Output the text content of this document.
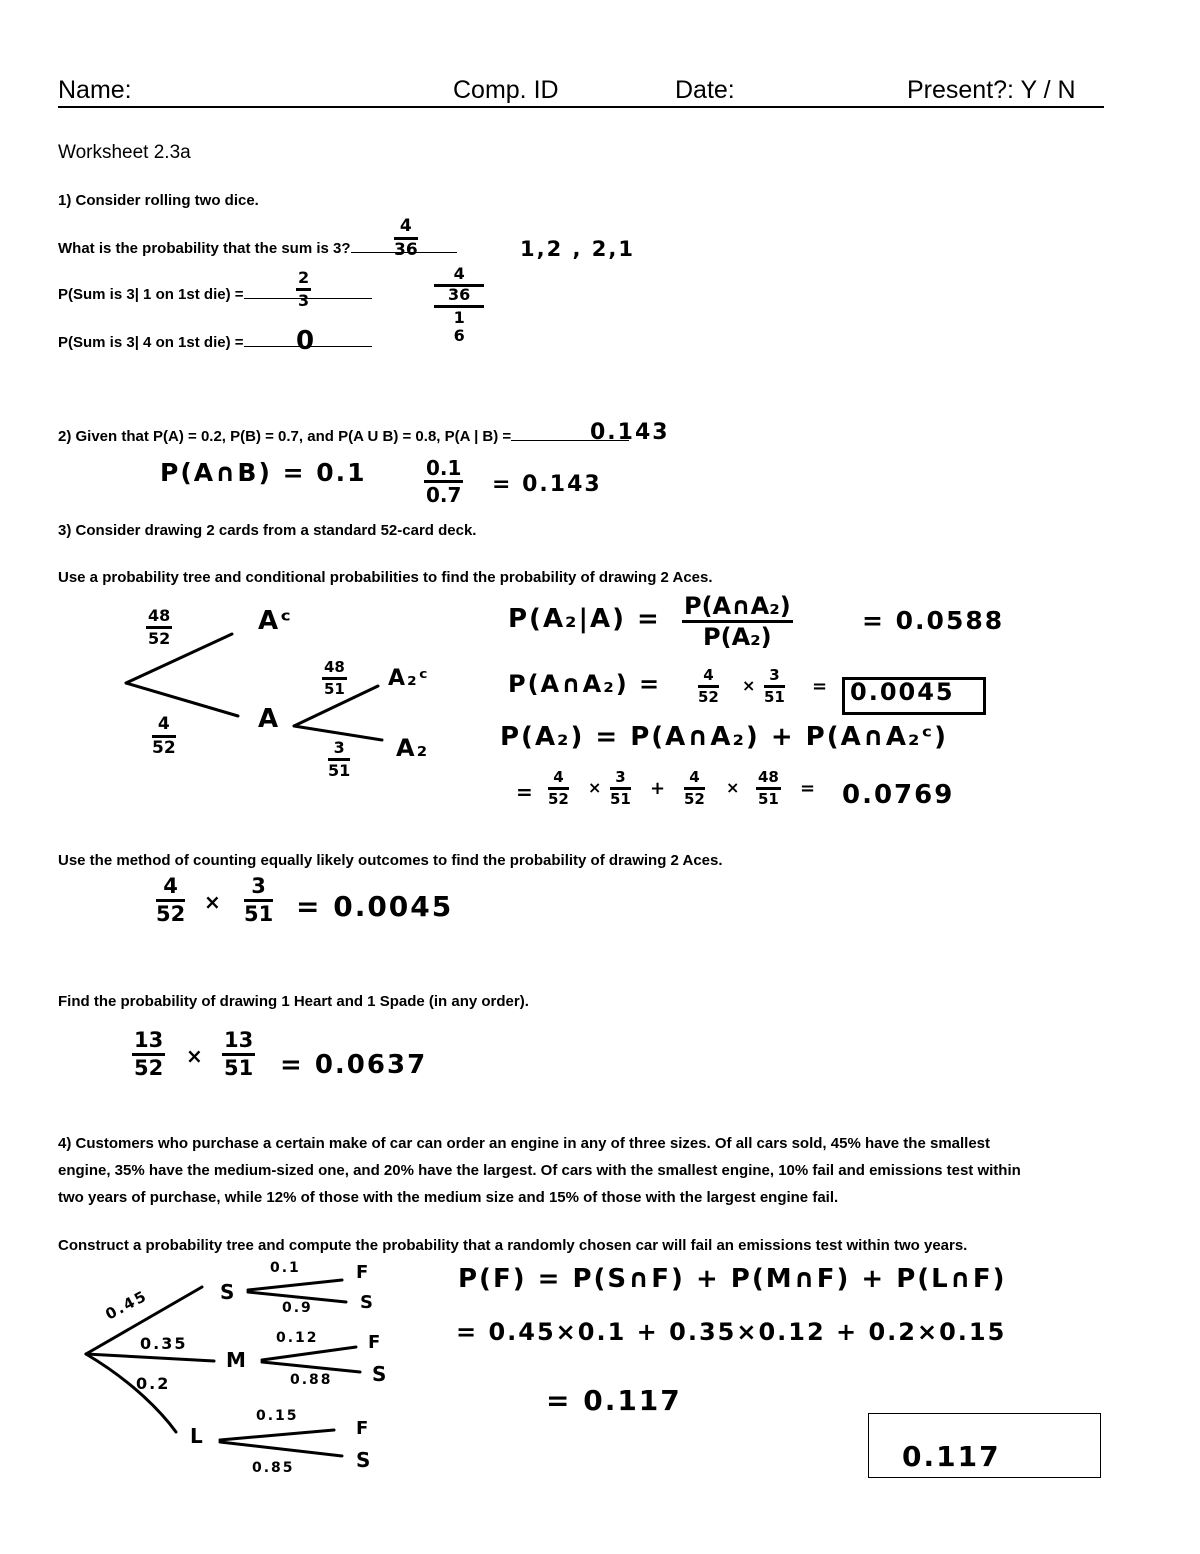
Name:	Comp. ID	Date:	Present?: Y / N
Worksheet 2.3a
1) Consider rolling two dice.
What is the probability that the sum is 3?
P(Sum is 3| 1 on 1st die) =
P(Sum is 3| 4 on 1st die) =
$\frac{4}{36}$	1,2 , 2,1
$\frac{2}{3}$	4
36
1
6
0
2) Given that P(A) = 0.2, P(B) = 0.7, and P(A U B) = 0.8, P(A | B) =	0.143
P(A∩B) = 0.1	$\frac{0.1}{0.7} = 0.143$
3) Consider drawing 2 cards from a standard 52-card deck.
Use a probability tree and conditional probabilities to find the probability of drawing 2 Aces.
$\frac{48}{52}$	Aᶜ
$\frac{4}{52}$	A
$\frac{48}{51}$ A₂ᶜ
$\frac{3}{51} A_2$
$P(A_2|A) = \frac{\text{P(A∩A₂)}}{\text{P(A₂)}}$	= 0.0588
P(A∩A₂) = $\frac{4}{52} \times \frac{3}{51} = 0.0045$
P(A₂) = P(A∩A₂) + P(A∩A₂ᶜ)
= $\frac{4}{52} \times \frac{3}{51} + \frac{4}{52} \times \frac{48}{51} = 0.0769$
Use the method of counting equally likely outcomes to find the probability of drawing 2 Aces.
$\frac{4}{52} \times \frac{3}{51} = 0.0045$
Find the probability of drawing 1 Heart and 1 Spade (in any order).
$\frac{13}{52} \times \frac{13}{51} = 0.0637$
4) Customers who purchase a certain make of car can order an engine in any of three sizes. Of all cars sold, 45% have the smallest
engine, 35% have the medium-sized one, and 20% have the largest. Of cars with the smallest engine, 10% fail and emissions test within
two years of purchase, while 12% of those with the medium size and 15% of those with the largest engine fail.
Construct a probability tree and compute the probability that a randomly chosen car will fail an emissions test within two years.
0.45
0.35
0.2
S
M
L
0.1
0.9
0.12
0.88
0.15
0.85
F
S
F
S
F
S
P(F) = P(S∩F) + P(M∩F) + P(L∩F)
= 0.45×0.1 + 0.35×0.12 + 0.2×0.15
= 0.117
0.117
